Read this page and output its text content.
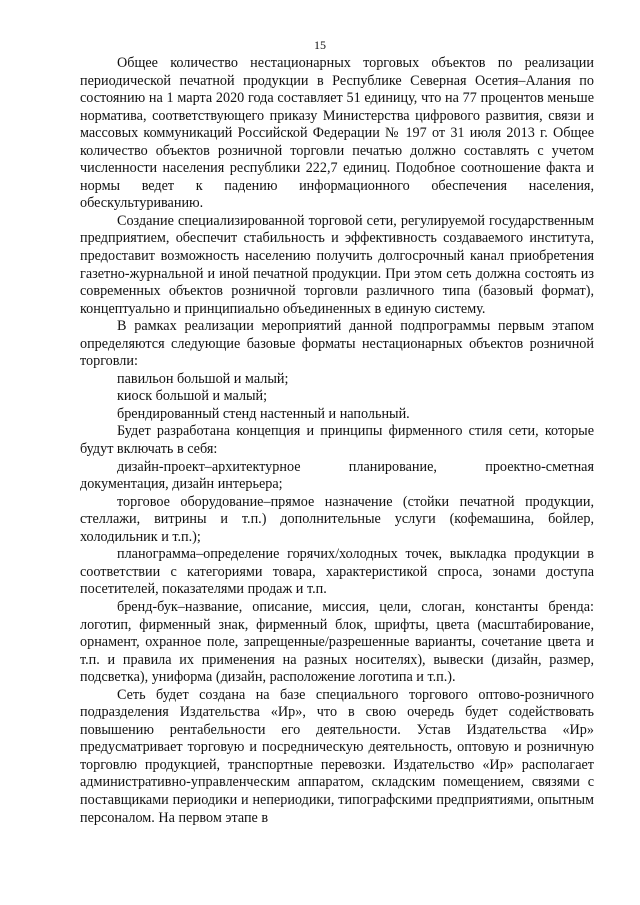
15

Общее количество нестационарных торговых объектов по реализации периодической печатной продукции в Республике Северная Осетия–Алания по состоянию на 1 марта 2020 года составляет 51 единицу, что на 77 процентов меньше норматива, соответствующего приказу Министерства цифрового развития, связи и массовых коммуникаций Российской Федерации № 197 от 31 июля 2013 г. Общее количество объектов розничной торговли печатью должно составлять с учетом численности населения республики 222,7 единиц. Подобное соотношение факта и нормы ведет к падению информационного обеспечения населения, обескультуриванию.

Создание специализированной торговой сети, регулируемой государственным предприятием, обеспечит стабильность и эффективность создаваемого института, предоставит возможность населению получить долгосрочный канал приобретения газетно-журнальной и иной печатной продукции. При этом сеть должна состоять из современных объектов розничной торговли различного типа (базовый формат), концептуально и принципиально объединенных в единую систему.

В рамках реализации мероприятий данной подпрограммы первым этапом определяются следующие базовые форматы нестационарных объектов розничной торговли:

павильон большой и малый;

киоск большой и малый;

брендированный стенд настенный и напольный.

Будет разработана концепция и принципы фирменного стиля сети, которые будут включать в себя:

дизайн-проект–архитектурное планирование, проектно-сметная документация, дизайн интерьера;

торговое оборудование–прямое назначение (стойки печатной продукции, стеллажи, витрины и т.п.) дополнительные услуги (кофемашина, бойлер, холодильник и т.п.);

планограмма–определение горячих/холодных точек, выкладка продукции в соответствии с категориями товара, характеристикой спроса, зонами доступа посетителей, показателями продаж и т.п.

бренд-бук–название, описание, миссия, цели, слоган, константы бренда: логотип, фирменный знак, фирменный блок, шрифты, цвета (масштабирование, орнамент, охранное поле, запрещенные/разрешенные варианты, сочетание цвета и т.п. и правила их применения на разных носителях), вывески (дизайн, размер, подсветка), униформа (дизайн, расположение логотипа и т.п.).

Сеть будет создана на базе специального торгового оптово-розничного подразделения Издательства «Ир», что в свою очередь будет содействовать повышению рентабельности его деятельности. Устав Издательства «Ир» предусматривает торговую и посредническую деятельность, оптовую и розничную торговлю продукцией, транспортные перевозки. Издательство «Ир» располагает административно-управленческим аппаратом, складским помещением, связями с поставщиками периодики и непериодики, типографскими предприятиями, опытным персоналом. На первом этапе в
